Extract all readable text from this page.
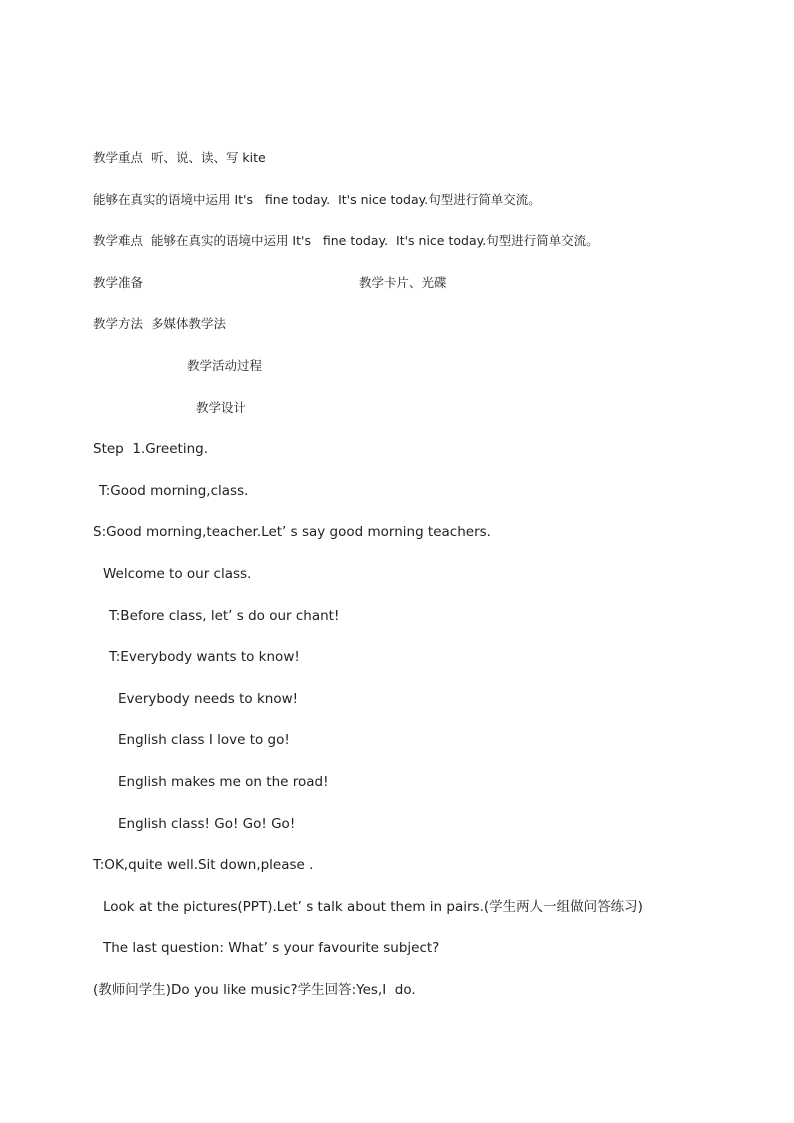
教学重点  听、说、读、写 kite
能够在真实的语境中运用 It's   fine today.  It's nice today.句型进行简单交流。
教学难点  能够在真实的语境中运用 It's   fine today.  It's nice today.句型进行简单交流。
教学准备	教学卡片、光碟
教学方法  多媒体教学法
教学活动过程
教学设计
Step  1.Greeting.
T:Good morning,class.
S:Good morning,teacher.Let’ s say good morning teachers.
Welcome to our class.
T:Before class, let’ s do our chant!
T:Everybody wants to know!
Everybody needs to know!
English class I love to go!
English makes me on the road!
English class! Go! Go! Go!
T:OK,quite well.Sit down,please .
Look at the pictures(PPT).Let’ s talk about them in pairs.(学生两人一组做问答练习)
The last question: What’ s your favourite subject?
(教师问学生)Do you like music?学生回答:Yes,I  do.
